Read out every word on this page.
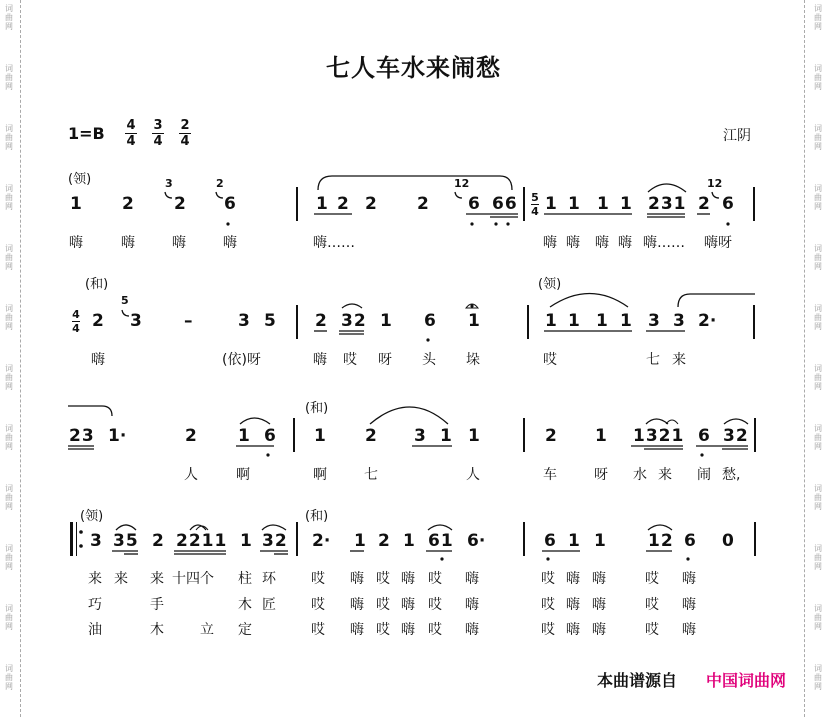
词
曲
网
词
曲
网
词
曲
网
词
曲
网
词
曲
网
词
曲
网
词
曲
网
词
曲
网
词
曲
网
词
曲
网
词
曲
网
词
曲
网
词
曲
网
词
曲
网
词
曲
网
词
曲
网
词
曲
网
词
曲
网
词
曲
网
词
曲
网
词
曲
网
词
曲
网
词
曲
网
词
曲
网
七人车水来闹愁
1=B 4
4
3
4
2
4	江阴
(领)
1 2
3
2
2
6	1 2 2 2
12
6 66 5
4 1 1 1 1 231
12
2 6
嗨	嗨	嗨	嗨	嗨……	嗨 嗨 嗨 嗨 嗨…… 嗨呀
(和)	(领)
4
4 2
5
3 –	3 5 2 32 1 6 1	1 1 1 1 3 3 2·
嗨	(依)呀	嗨 哎 呀 头 垛	哎	七 来
(和)
23 1·	2 1 6 1 2 3 1 1	2 1 1321 6 32
人	啊	啊	七	人	车	呀 水 来 闹 愁,
(领)	(和)
3 35 2 2211 1 32 2· 1 2 1 61 6·	6 1 1 12 6 0
来 来 来 十四个 柱 环	哎 嗨 哎 嗨 哎 嗨	哎 嗨 嗨	哎 嗨
巧	手	木 匠	哎 嗨 哎 嗨 哎 嗨	哎 嗨 嗨	哎 嗨
油	木	立 定	哎 嗨 哎 嗨 哎 嗨	哎 嗨 嗨	哎 嗨
本曲谱源自 中国词曲网
